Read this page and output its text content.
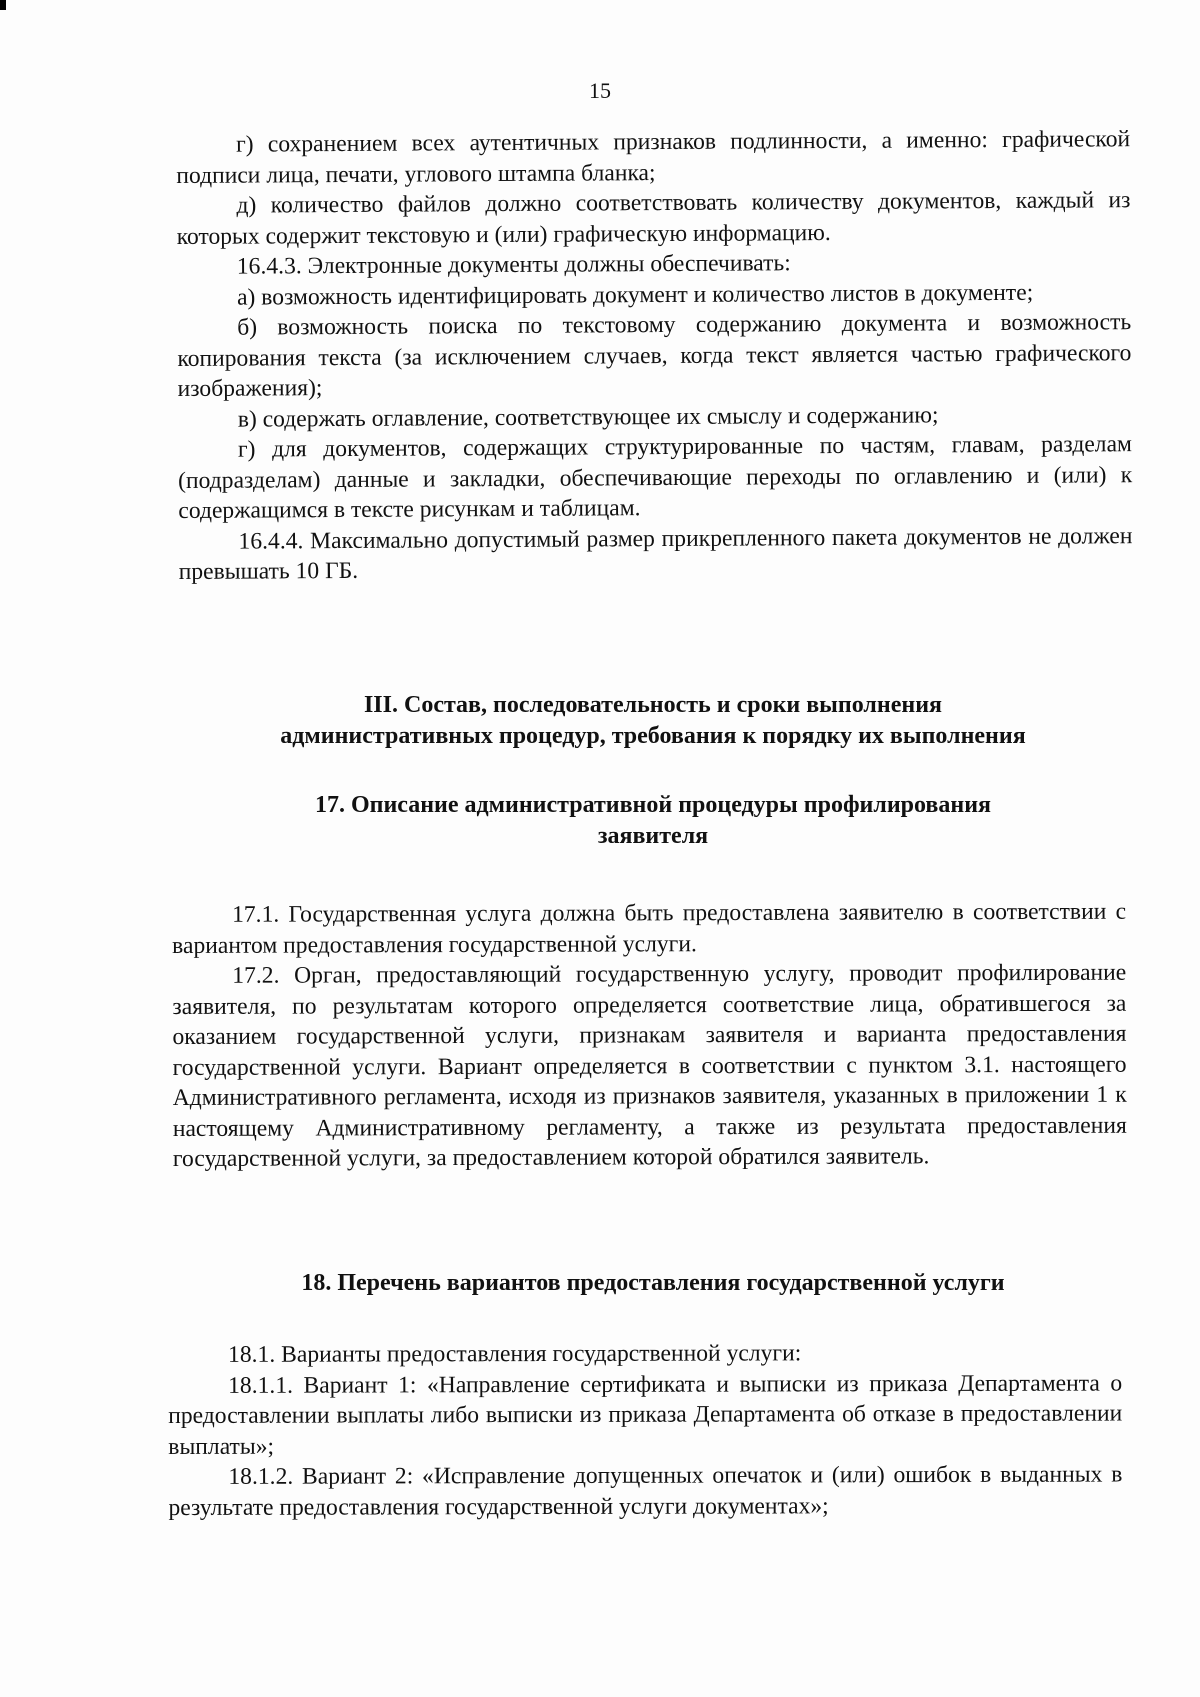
15

г) сохранением всех аутентичных признаков подлинности, а именно: графической подписи лица, печати, углового штампа бланка;

д) количество файлов должно соответствовать количеству документов, каждый из которых содержит текстовую и (или) графическую информацию.

16.4.3. Электронные документы должны обеспечивать:

а) возможность идентифицировать документ и количество листов в документе;

б) возможность поиска по текстовому содержанию документа и возможность копирования текста (за исключением случаев, когда текст является частью графического изображения);

в) содержать оглавление, соответствующее их смыслу и содержанию;

г) для документов, содержащих структурированные по частям, главам, разделам (подразделам) данные и закладки, обеспечивающие переходы по оглавлению и (или) к содержащимся в тексте рисункам и таблицам.

16.4.4. Максимально допустимый размер прикрепленного пакета документов не должен превышать 10 ГБ.

III. Состав, последовательность и сроки выполнения
административных процедур, требования к порядку их выполнения
17. Описание административной процедуры профилирования
заявителя

17.1. Государственная услуга должна быть предоставлена заявителю в соответствии с вариантом предоставления государственной услуги.

17.2. Орган, предоставляющий государственную услугу, проводит профилирование заявителя, по результатам которого определяется соответствие лица, обратившегося за оказанием государственной услуги, признакам заявителя и варианта предоставления государственной услуги. Вариант определяется в соответствии с пунктом 3.1. настоящего Административного регламента, исходя из признаков заявителя, указанных в приложении 1 к настоящему Административному регламенту, а также из результата предоставления государственной услуги, за предоставлением которой обратился заявитель.

18. Перечень вариантов предоставления государственной услуги

18.1. Варианты предоставления государственной услуги:

18.1.1. Вариант 1: «Направление сертификата и выписки из приказа Департамента о предоставлении выплаты либо выписки из приказа Департамента об отказе в предоставлении выплаты»;

18.1.2. Вариант 2: «Исправление допущенных опечаток и (или) ошибок в выданных в результате предоставления государственной услуги документах»;
